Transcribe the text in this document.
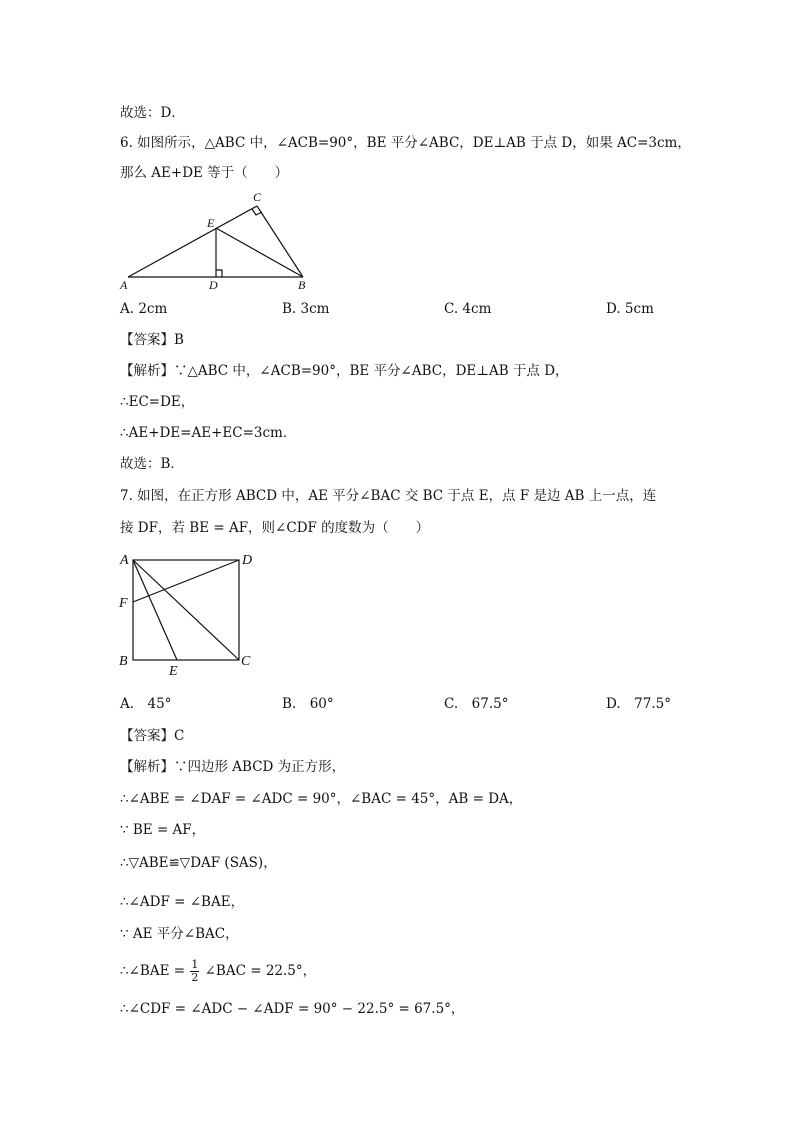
故选：D．
6. 如图所示，△ABC 中，∠ACB=90°，BE 平分∠ABC，DE⊥AB 于点 D，如果 AC=3cm，
那么 AE+DE 等于（　　）
A	D	B
E
C
A. 2cm	B. 3cm	C. 4cm	D. 5cm
【答案】B
【解析】∵△ABC 中，∠ACB=90°，BE 平分∠ABC，DE⊥AB 于点 D，
∴EC=DE，
∴AE+DE=AE+EC=3cm．
故选：B．
7. 如图，在正方形 ABCD 中，AE 平分∠BAC 交 BC 于点 E，点 F 是边 AB 上一点，连
接 DF，若 BE = AF，则∠CDF 的度数为（　　）
A	D
F
B	C
E
A.　45°	B.　60°	C.　67.5°	D.　77.5°
【答案】C
【解析】∵四边形 ABCD 为正方形，
∴∠ABE = ∠DAF = ∠ADC = 90°，∠BAC = 45°，AB = DA，
∵ BE = AF，
∴▽ABE≌▽DAF (SAS)，
∴∠ADF = ∠BAE，
∵ AE 平分∠BAC，
∴∠BAE = $\frac{1}{2}$ ∠BAC = 22.5°，
∴∠CDF = ∠ADC − ∠ADF = 90° − 22.5° = 67.5°，
